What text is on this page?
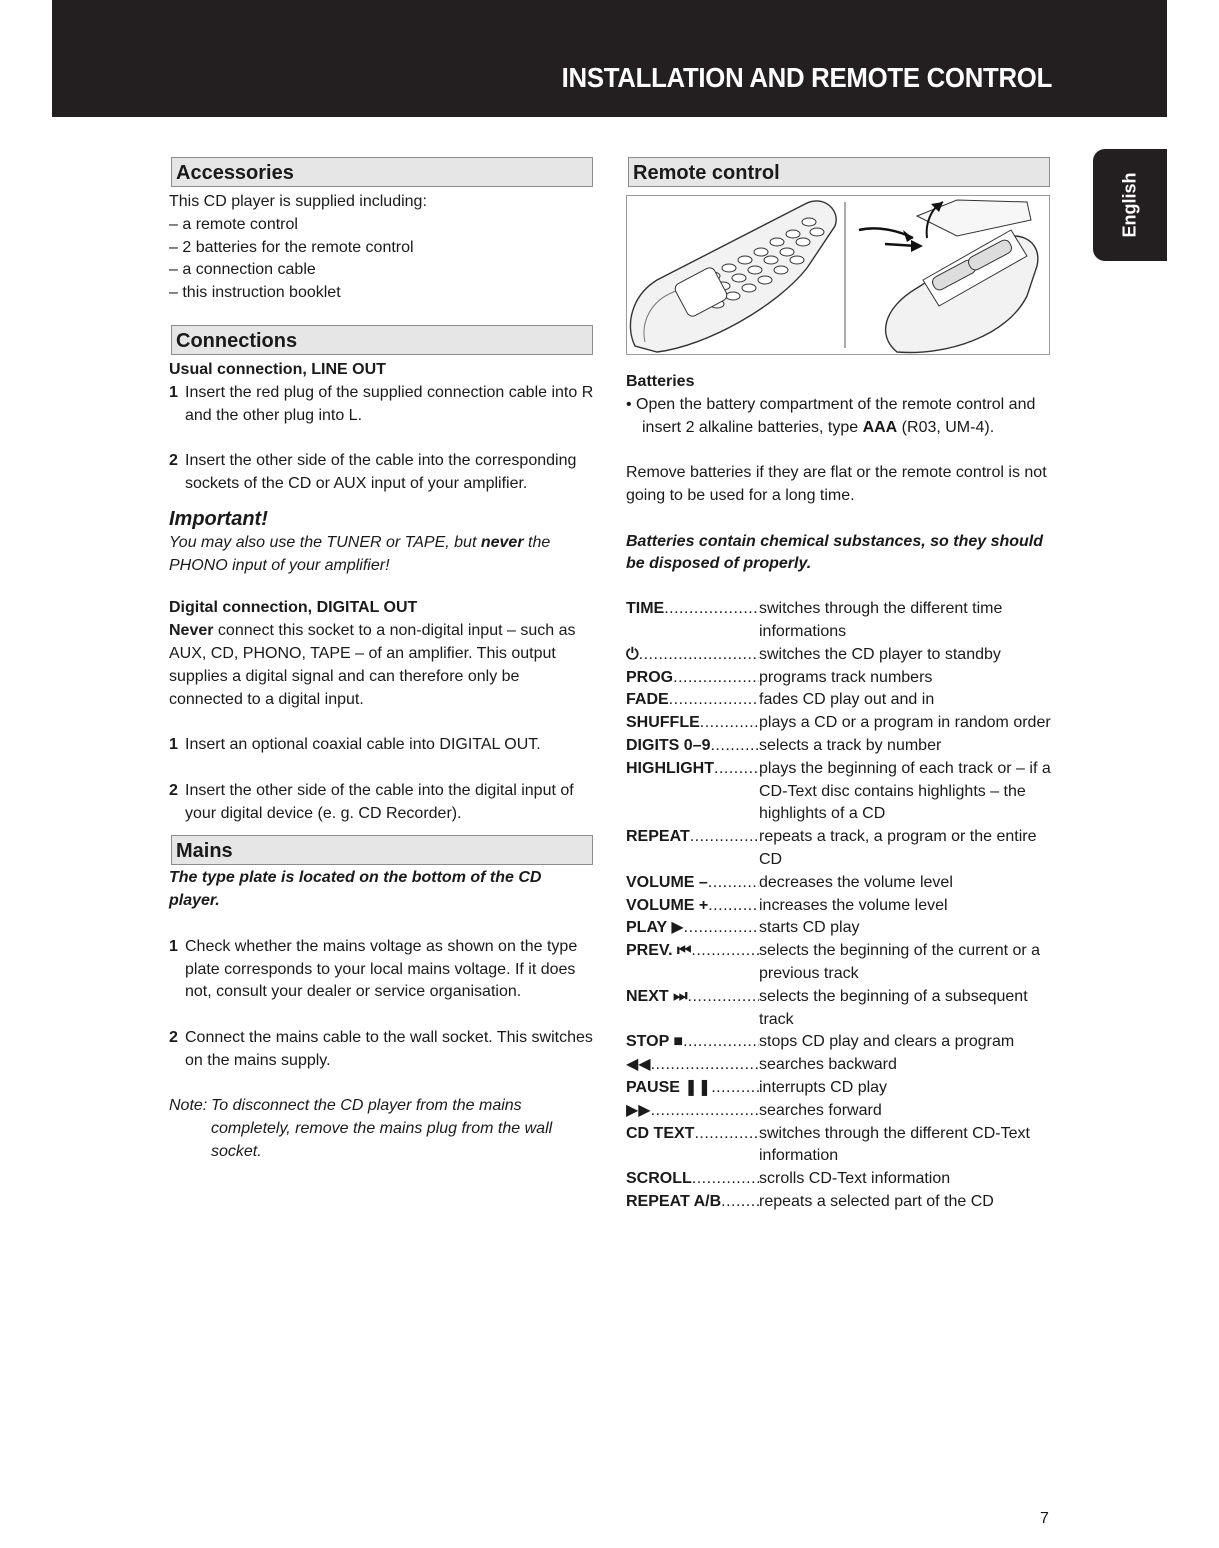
INSTALLATION AND REMOTE CONTROL
English
Accessories

This CD player is supplied including:

– a remote control

– 2 batteries for the remote control

– a connection cable

– this instruction booklet

Connections

Usual connection, LINE OUT

1 Insert the red plug of the supplied connection cable into R and the other plug into L.
2 Insert the other side of the cable into the corresponding sockets of the CD or AUX input of your amplifier.

Important!

You may also use the TUNER or TAPE, but never the PHONO input of your amplifier!

Digital connection, DIGITAL OUT

Never connect this socket to a non-digital input – such as AUX, CD, PHONO, TAPE – of an amplifier. This output supplies a digital signal and can therefore only be connected to a digital input.

1 Insert an optional coaxial cable into DIGITAL OUT.
2 Insert the other side of the cable into the digital input of your digital device (e. g. CD Recorder).
Mains

The type plate is located on the bottom of the CD player.

1 Check whether the mains voltage as shown on the type plate corresponds to your local mains voltage. If it does not, consult your dealer or service organisation.
2 Connect the mains cable to the wall socket. This switches on the mains supply.
Note: To disconnect the CD player from the mains completely, remove the mains plug from the wall socket.
Remote control

Batteries

• Open the battery compartment of the remote control and insert 2 alkaline batteries, type AAA (R03, UM-4).

Remove batteries if they are flat or the remote control is not going to be used for a long time.

Batteries contain chemical substances, so they should be disposed of properly.

TIME .....	switches through the different time informations
⏻ .....	switches the CD player to standby
PROG .....	programs track numbers
FADE .....	fades CD play out and in
SHUFFLE .....	plays a CD or a program in random order
DIGITS 0–9 .....	selects a track by number
HIGHLIGHT .....	plays the beginning of each track or – if a CD-Text disc contains highlights – the highlights of a CD
REPEAT .....	repeats a track, a program or the entire CD
VOLUME – .....	decreases the volume level
VOLUME + .....	increases the volume level
PLAY ▶ .....	starts CD play
PREV. ⏮ .....	selects the beginning of the current or a previous track
NEXT ⏭ .....	selects the beginning of a subsequent track
STOP ■ .....	stops CD play and clears a program
◀◀ .....	searches backward
PAUSE ❚❚ .....	interrupts CD play
▶▶ .....	searches forward
CD TEXT .....	switches through the different CD-Text information
SCROLL .....	scrolls CD-Text information
REPEAT A/B ..... repeats a selected part of the CD
7
